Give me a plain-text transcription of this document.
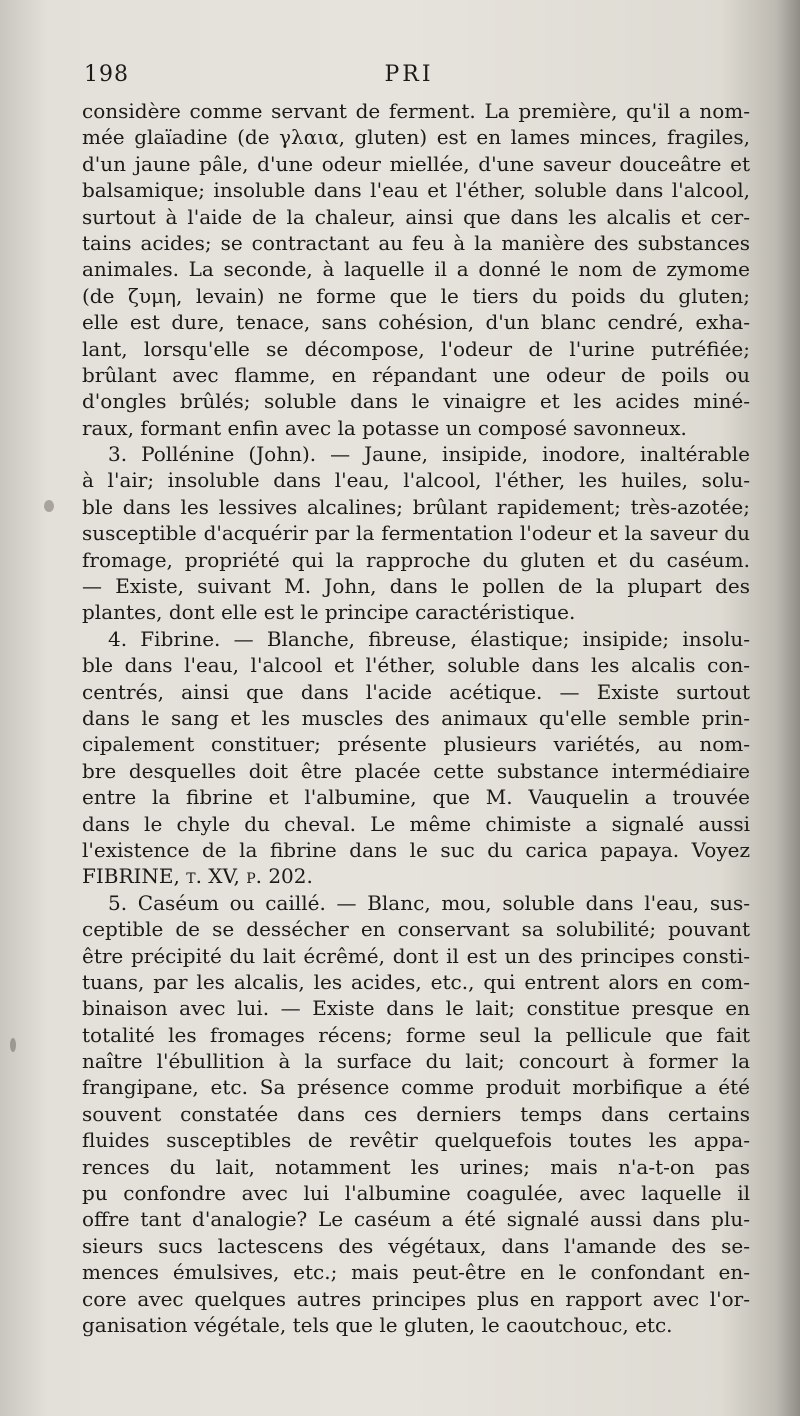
198	PRI
considère comme servant de ferment. La première, qu'il a nom-
mée glaïadine (de γλαια, gluten) est en lames minces, fragiles,
d'un jaune pâle, d'une odeur miellée, d'une saveur douceâtre et
balsamique; insoluble dans l'eau et l'éther, soluble dans l'alcool,
surtout à l'aide de la chaleur, ainsi que dans les alcalis et cer-
tains acides; se contractant au feu à la manière des substances
animales. La seconde, à laquelle il a donné le nom de zymome
(de ζυμη, levain) ne forme que le tiers du poids du gluten;
elle est dure, tenace, sans cohésion, d'un blanc cendré, exha-
lant, lorsqu'elle se décompose, l'odeur de l'urine putréfiée;
brûlant avec flamme, en répandant une odeur de poils ou
d'ongles brûlés; soluble dans le vinaigre et les acides miné-
raux, formant enfin avec la potasse un composé savonneux.
3. Pollénine (John). — Jaune, insipide, inodore, inaltérable
à l'air; insoluble dans l'eau, l'alcool, l'éther, les huiles, solu-
ble dans les lessives alcalines; brûlant rapidement; très-azotée;
susceptible d'acquérir par la fermentation l'odeur et la saveur du
fromage, propriété qui la rapproche du gluten et du caséum.
— Existe, suivant M. John, dans le pollen de la plupart des
plantes, dont elle est le principe caractéristique.
4. Fibrine. — Blanche, fibreuse, élastique; insipide; insolu-
ble dans l'eau, l'alcool et l'éther, soluble dans les alcalis con-
centrés, ainsi que dans l'acide acétique. — Existe surtout
dans le sang et les muscles des animaux qu'elle semble prin-
cipalement constituer; présente plusieurs variétés, au nom-
bre desquelles doit être placée cette substance intermédiaire
entre la fibrine et l'albumine, que M. Vauquelin a trouvée
dans le chyle du cheval. Le même chimiste a signalé aussi
l'existence de la fibrine dans le suc du carica papaya. Voyez
FIBRINE, t. XV, p. 202.
5. Caséum ou caillé. — Blanc, mou, soluble dans l'eau, sus-
ceptible de se dessécher en conservant sa solubilité; pouvant
être précipité du lait écrêmé, dont il est un des principes consti-
tuans, par les alcalis, les acides, etc., qui entrent alors en com-
binaison avec lui. — Existe dans le lait; constitue presque en
totalité les fromages récens; forme seul la pellicule que fait
naître l'ébullition à la surface du lait; concourt à former la
frangipane, etc. Sa présence comme produit morbifique a été
souvent constatée dans ces derniers temps dans certains
fluides susceptibles de revêtir quelquefois toutes les appa-
rences du lait, notamment les urines; mais n'a-t-on pas
pu confondre avec lui l'albumine coagulée, avec laquelle il
offre tant d'analogie? Le caséum a été signalé aussi dans plu-
sieurs sucs lactescens des végétaux, dans l'amande des se-
mences émulsives, etc.; mais peut-être en le confondant en-
core avec quelques autres principes plus en rapport avec l'or-
ganisation végétale, tels que le gluten, le caoutchouc, etc.
